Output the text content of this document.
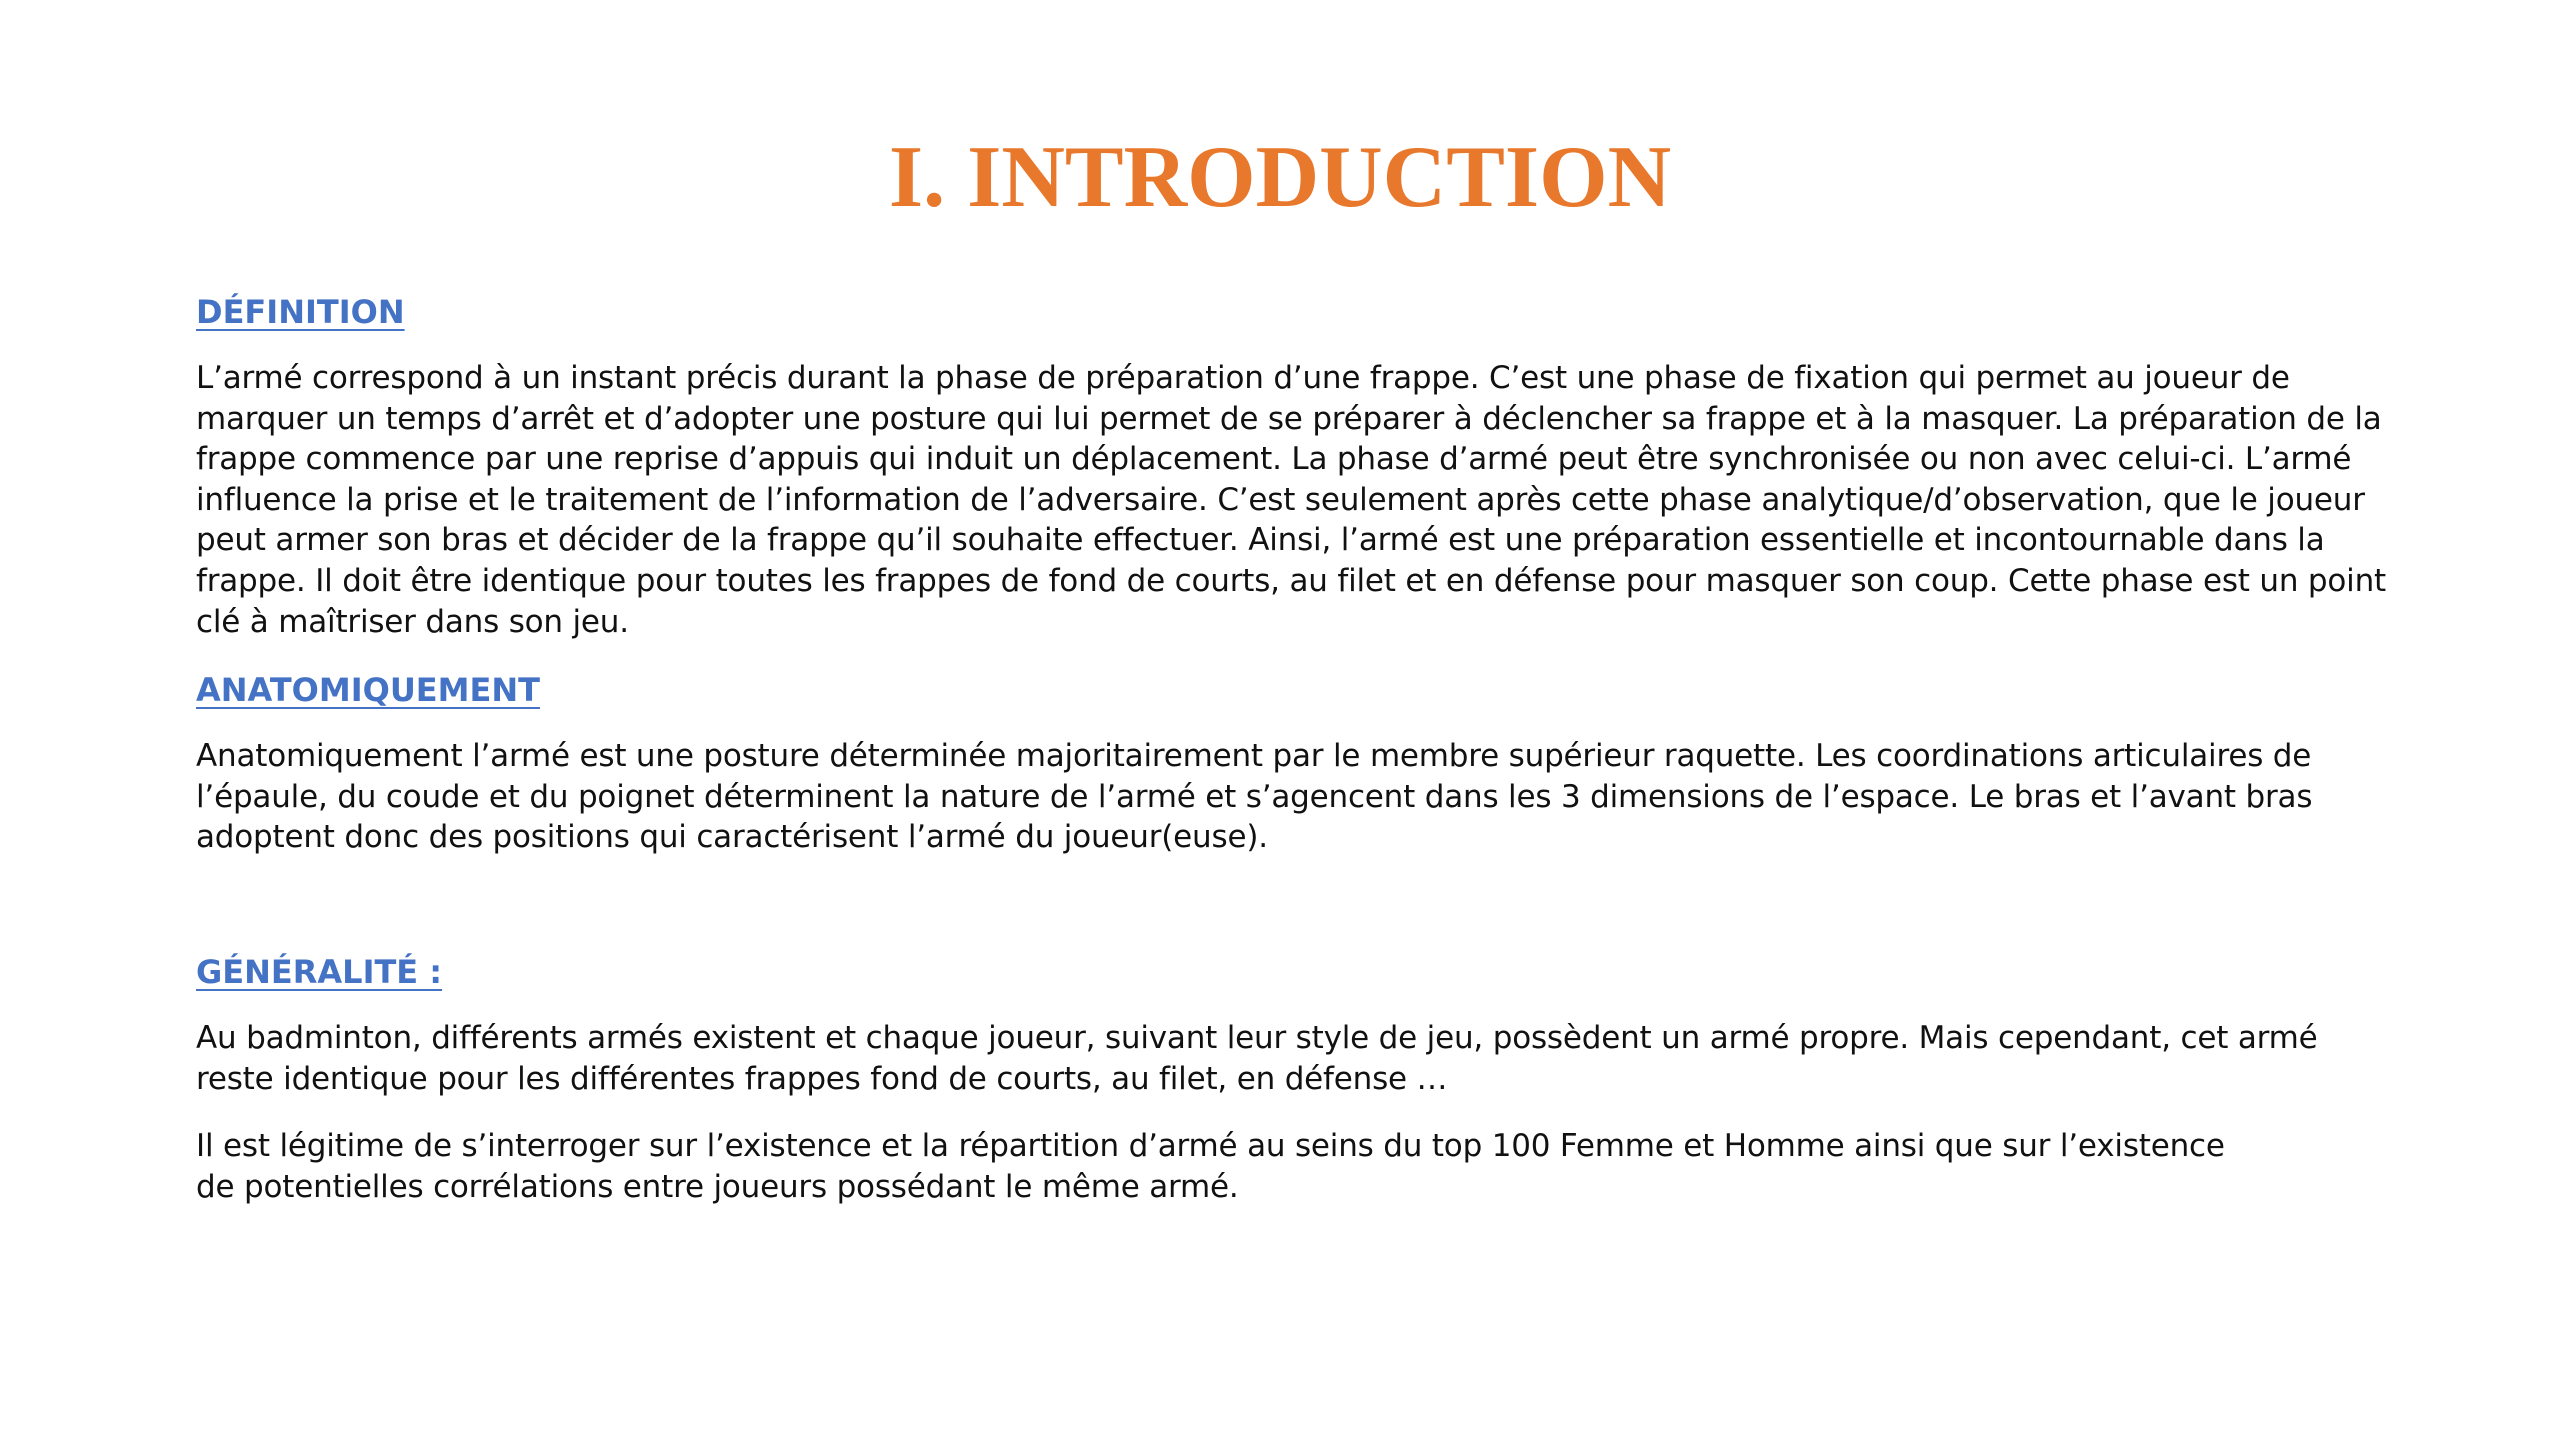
I. INTRODUCTION
DÉFINITION

L’armé correspond à un instant précis durant la phase de préparation d’une frappe. C’est une phase de fixation qui permet au joueur de
marquer un temps d’arrêt et d’adopter une posture qui lui permet de se préparer à déclencher sa frappe et à la masquer. La préparation de la
frappe commence par une reprise d’appuis qui induit un déplacement. La phase d’armé peut être synchronisée ou non avec celui-ci. L’armé
influence la prise et le traitement de l’information de l’adversaire. C’est seulement après cette phase analytique/d’observation, que le joueur
peut armer son bras et décider de la frappe qu’il souhaite effectuer. Ainsi, l’armé est une préparation essentielle et incontournable dans la
frappe. Il doit être identique pour toutes les frappes de fond de courts, au filet et en défense pour masquer son coup. Cette phase est un point
clé à maîtriser dans son jeu.

ANATOMIQUEMENT

Anatomiquement l’armé est une posture déterminée majoritairement par le membre supérieur raquette. Les coordinations articulaires de
l’épaule, du coude et du poignet déterminent la nature de l’armé et s’agencent dans les 3 dimensions de l’espace. Le bras et l’avant bras
adoptent donc des positions qui caractérisent l’armé du joueur(euse).

GÉNÉRALITÉ :

Au badminton, différents armés existent et chaque joueur, suivant leur style de jeu, possèdent un armé propre. Mais cependant, cet armé
reste identique pour les différentes frappes fond de courts, au filet, en défense …

Il est légitime de s’interroger sur l’existence et la répartition d’armé au seins du top 100 Femme et Homme ainsi que sur l’existence
de potentielles corrélations entre joueurs possédant le même armé.
